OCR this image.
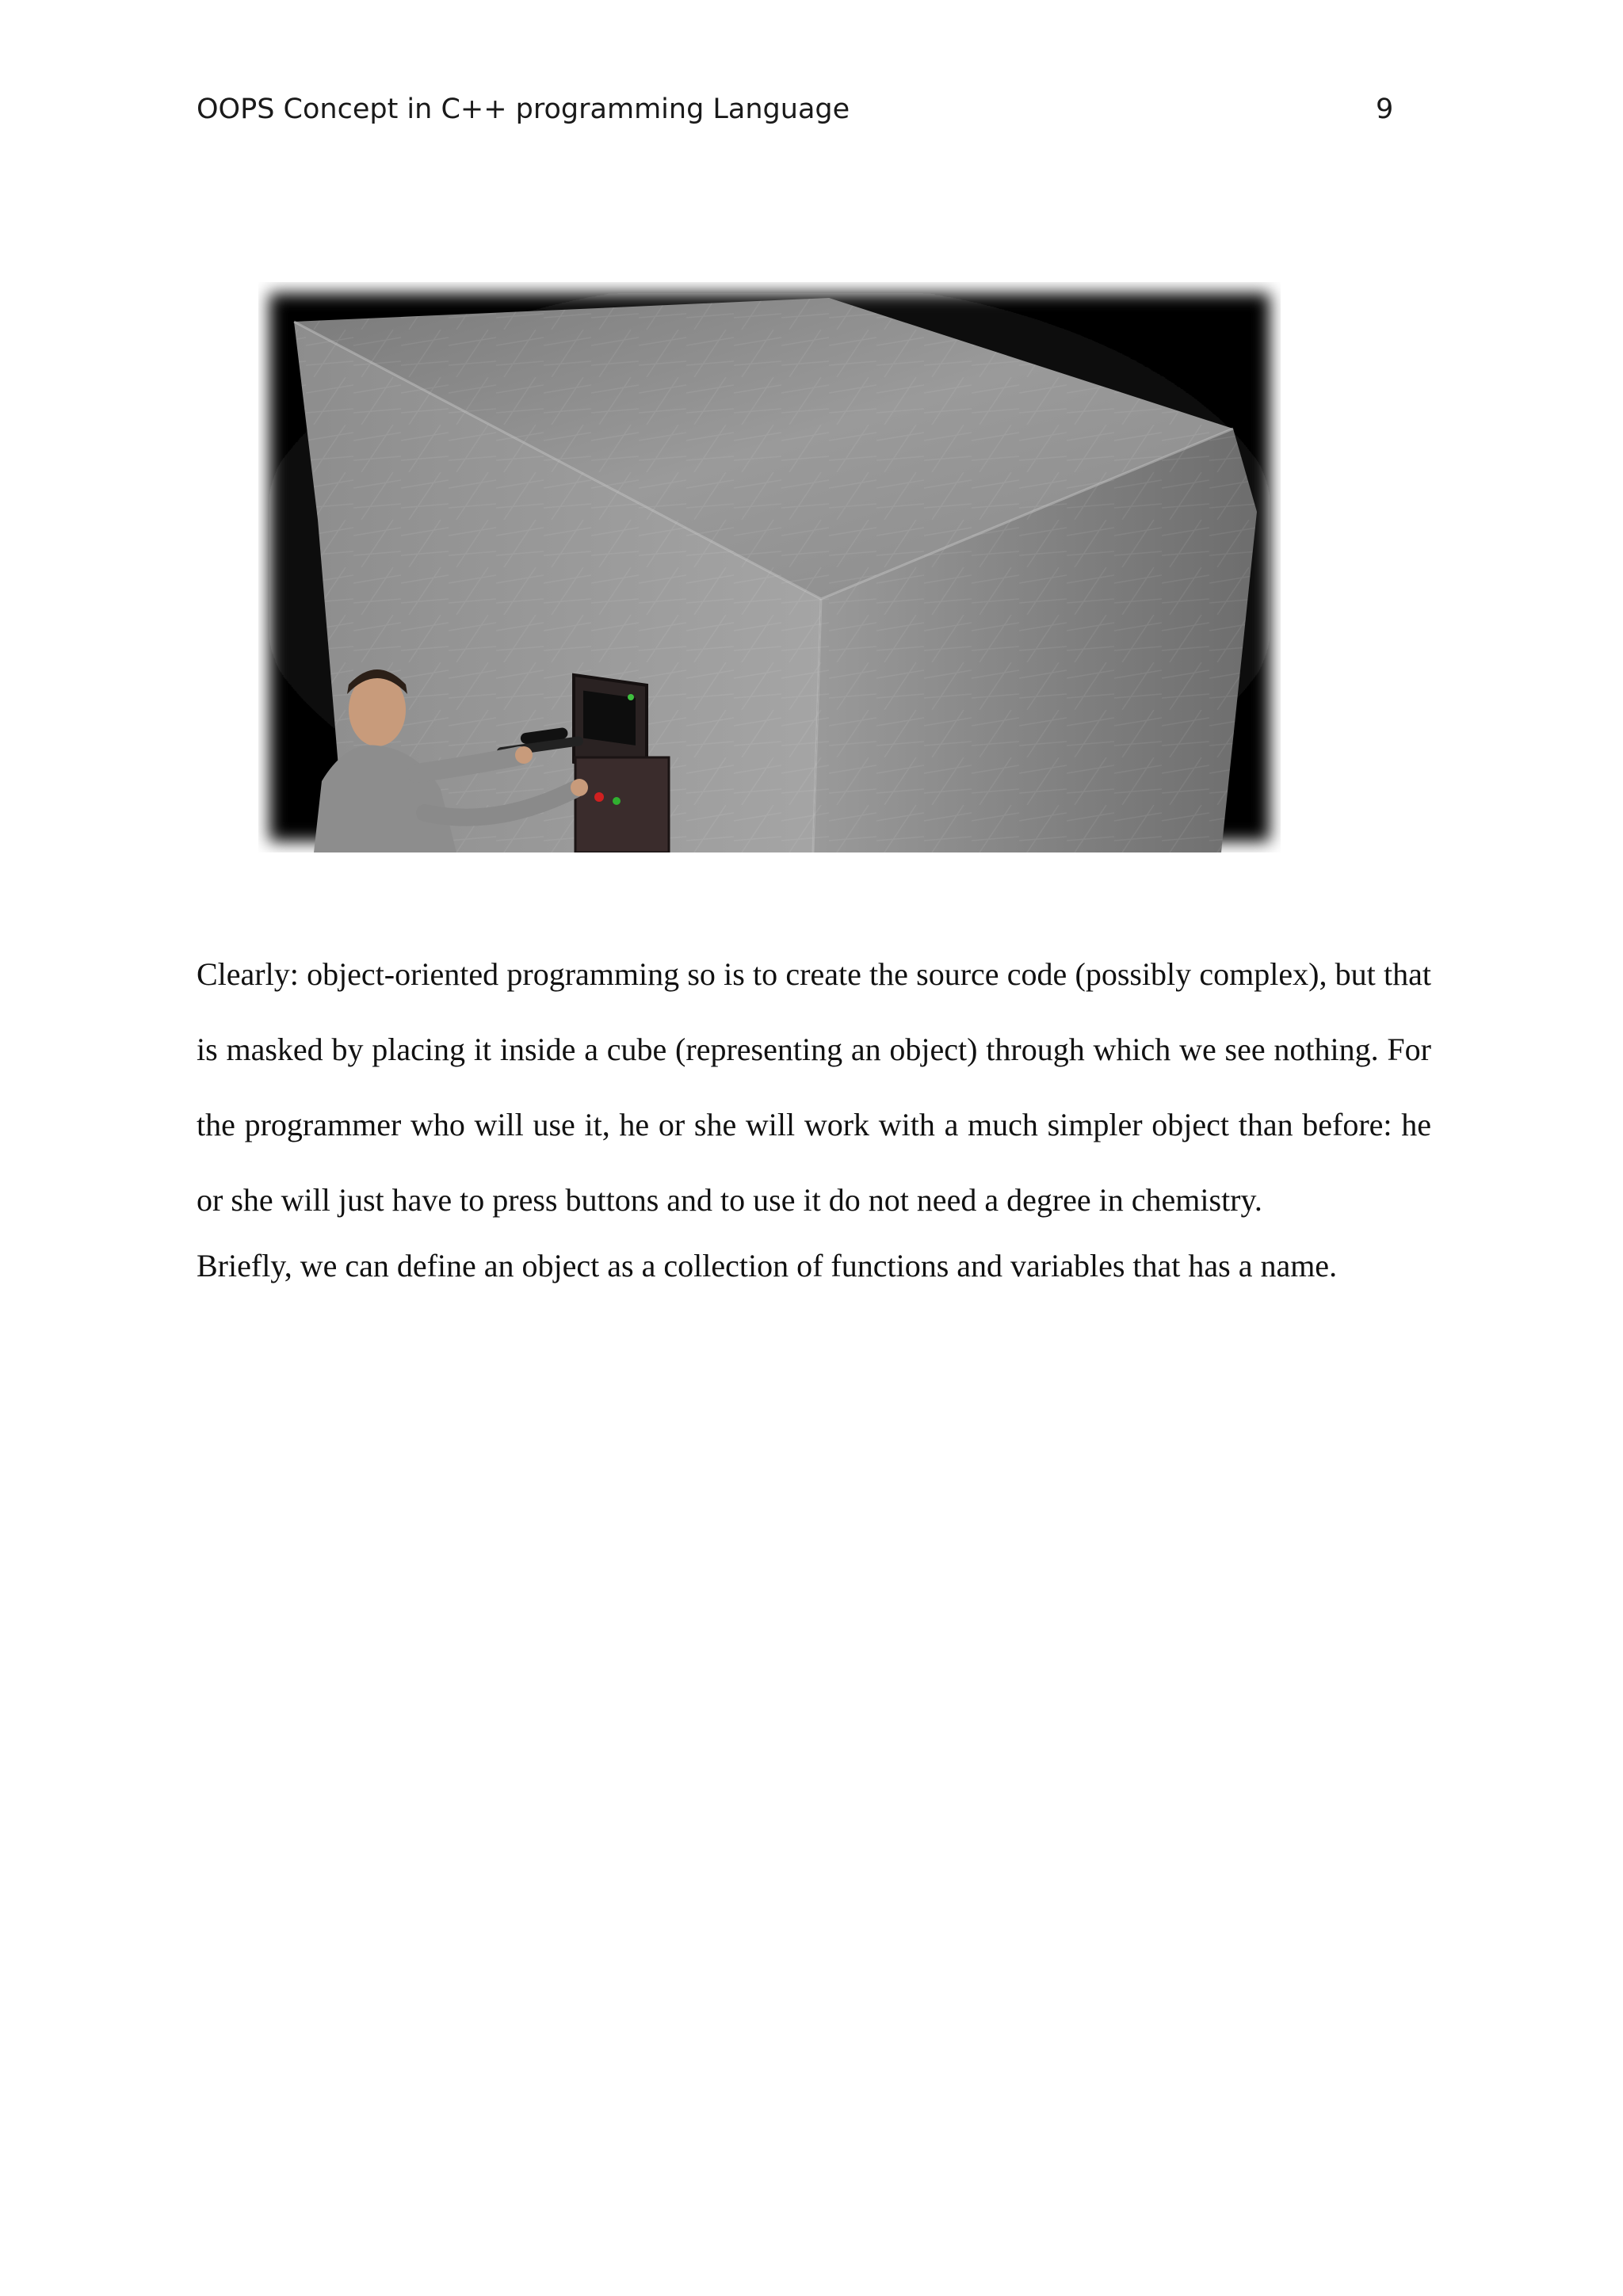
OOPS Concept in C++ programming Language	9

Clearly: object-oriented programming so is to create the source code (possibly complex), but that is masked by placing it inside a cube (representing an object) through which we see nothing. For the programmer who will use it, he or she will work with a much simpler object than before: he or she will just have to press buttons and to use it do not need a degree in chemistry.

Briefly, we can define an object as a collection of functions and variables that has a name.
